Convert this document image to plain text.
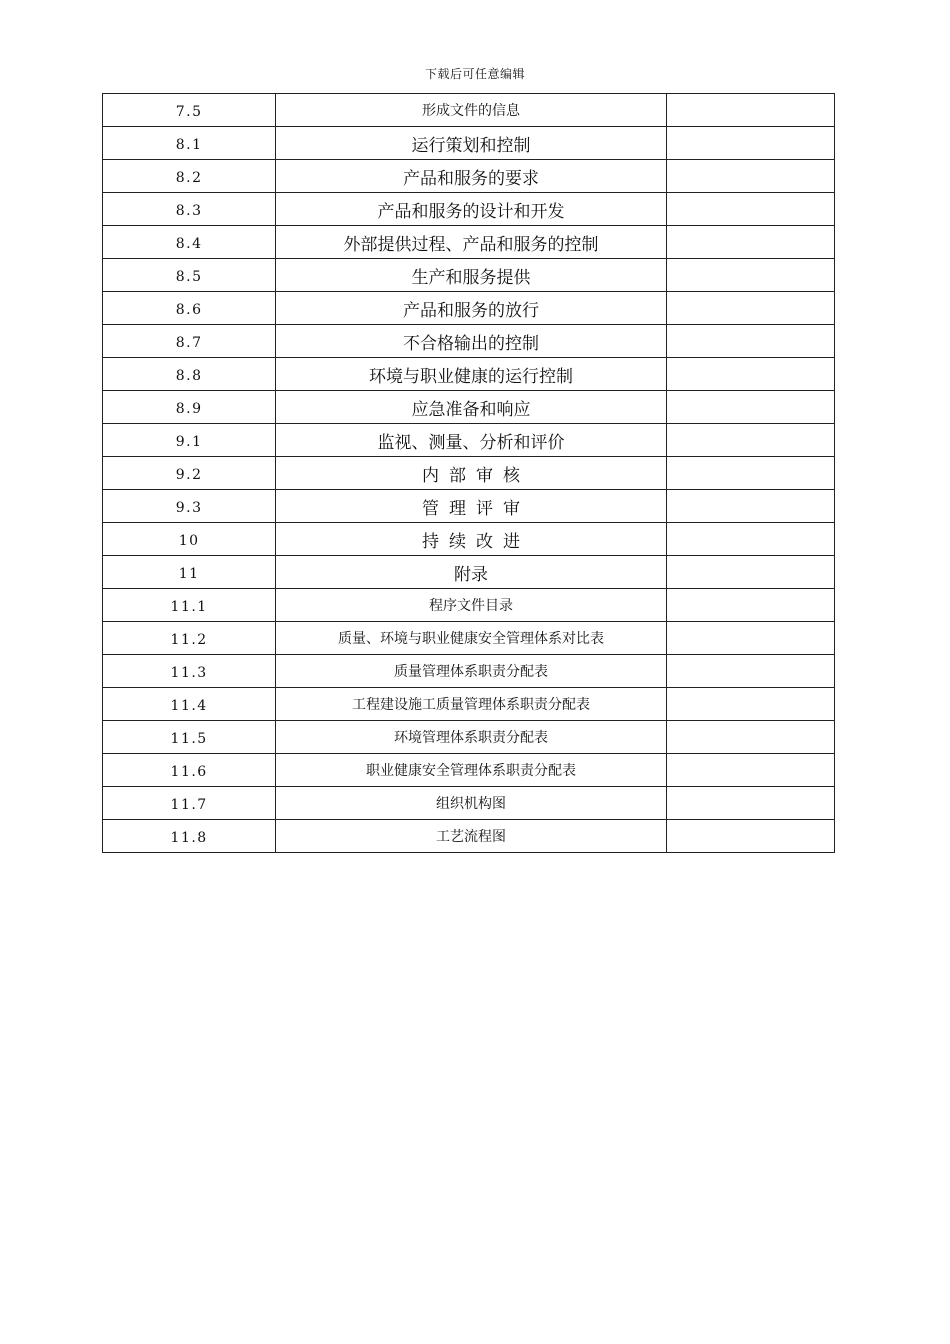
下载后可任意编辑
7.5	形成文件的信息	
8.1	运行策划和控制	
8.2	产品和服务的要求	
8.3	产品和服务的设计和开发	
8.4	外部提供过程、产品和服务的控制	
8.5	生产和服务提供	
8.6	产品和服务的放行	
8.7	不合格输出的控制	
8.8	环境与职业健康的运行控制	
8.9	应急准备和响应	
9.1	监视、测量、分析和评价	
9.2	内部审核	
9.3	管理评审	
10	持续改进	
11	附录	
11.1	程序文件目录	
11.2	质量、环境与职业健康安全管理体系对比表	
11.3	质量管理体系职责分配表	
11.4	工程建设施工质量管理体系职责分配表	
11.5	环境管理体系职责分配表	
11.6	职业健康安全管理体系职责分配表	
11.7	组织机构图	
11.8	工艺流程图	
